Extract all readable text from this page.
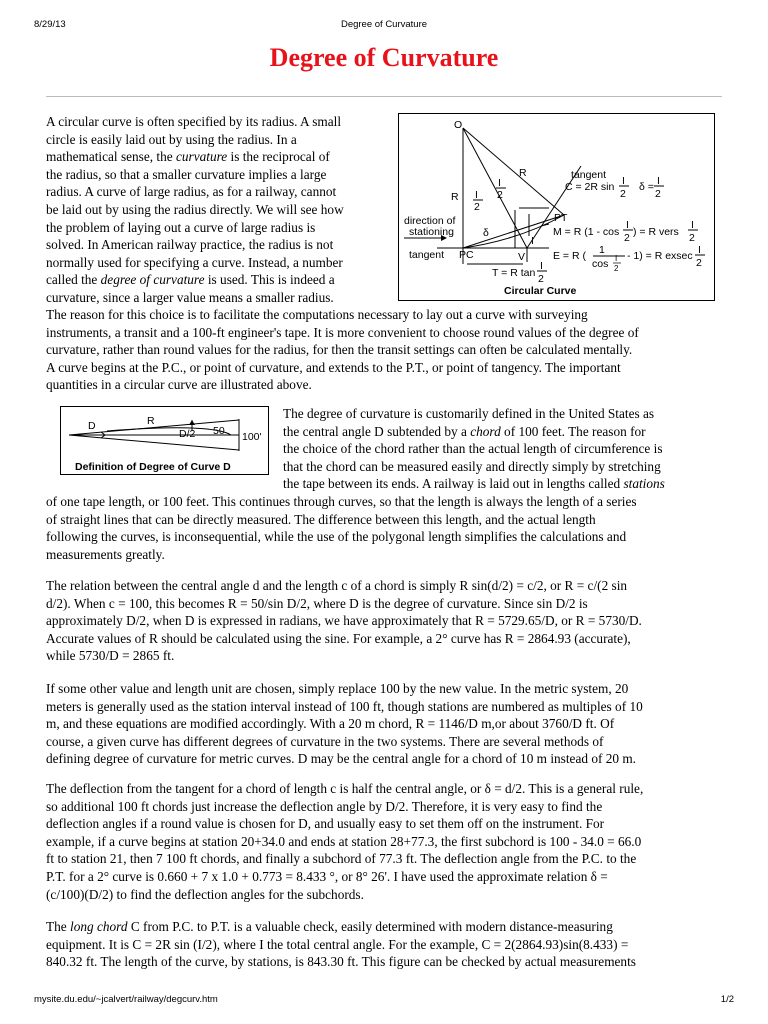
8/29/13	Degree of Curvature
Degree of Curvature
A circular curve is often specified by its radius. A small
circle is easily laid out by using the radius. In a
mathematical sense, the curvature is the reciprocal of
the radius, so that a smaller curvature implies a large
radius. A curve of large radius, as for a railway, cannot
be laid out by using the radius directly. We will see how
the problem of laying out a curve of large radius is
solved. In American railway practice, the radius is not
normally used for specifying a curve. Instead, a number
called the degree of curvature is used. This is indeed a
curvature, since a larger value means a smaller radius.
The reason for this choice is to facilitate the computations necessary to lay out a curve with surveying
instruments, a transit and a 100-ft engineer's tape. It is more convenient to choose round values of the degree of
curvature, rather than round values for the radius, for then the transit settings can often be calculated mentally.
A curve begins at the P.C., or point of curvature, and extends to the P.T., or point of tangency. The important
quantities in a circular curve are illustrated above.
O
R
R
tangent
I
2
I
2
C = 2R sin I
2
δ = I
2
PT
M = R (1 - cos
I
2 ) = R vers
I
2
direction of
stationing	δ
I
tangent PC	V	E = R ( 1
cos I
2
- 1) = R exsec I
2
T = R tan
I
2
Circular Curve
D	R
D/2 50 100'
Definition of Degree of Curve D
The degree of curvature is customarily defined in the United States as
the central angle D subtended by a chord of 100 feet. The reason for
the choice of the chord rather than the actual length of circumference is
that the chord can be measured easily and directly simply by stretching
the tape between its ends. A railway is laid out in lengths called stations
of one tape length, or 100 feet. This continues through curves, so that the length is always the length of a series
of straight lines that can be directly measured. The difference between this length, and the actual length
following the curves, is inconsequential, while the use of the polygonal length simplifies the calculations and
measurements greatly.
The relation between the central angle d and the length c of a chord is simply R sin(d/2) = c/2, or R = c/(2 sin
d/2). When c = 100, this becomes R = 50/sin D/2, where D is the degree of curvature. Since sin D/2 is
approximately D/2, when D is expressed in radians, we have approximately that R = 5729.65/D, or R = 5730/D.
Accurate values of R should be calculated using the sine. For example, a 2° curve has R = 2864.93 (accurate),
while 5730/D = 2865 ft.
If some other value and length unit are chosen, simply replace 100 by the new value. In the metric system, 20
meters is generally used as the station interval instead of 100 ft, though stations are numbered as multiples of 10
m, and these equations are modified accordingly. With a 20 m chord, R = 1146/D m,or about 3760/D ft. Of
course, a given curve has different degrees of curvature in the two systems. There are several methods of
defining degree of curvature for metric curves. D may be the central angle for a chord of 10 m instead of 20 m.
The deflection from the tangent for a chord of length c is half the central angle, or δ = d/2. This is a general rule,
so additional 100 ft chords just increase the deflection angle by D/2. Therefore, it is very easy to find the
deflection angles if a round value is chosen for D, and usually easy to set them off on the instrument. For
example, if a curve begins at station 20+34.0 and ends at station 28+77.3, the first subchord is 100 - 34.0 = 66.0
ft to station 21, then 7 100 ft chords, and finally a subchord of 77.3 ft. The deflection angle from the P.C. to the
P.T. for a 2° curve is 0.660 + 7 x 1.0 + 0.773 = 8.433 °, or 8° 26'. I have used the approximate relation δ =
(c/100)(D/2) to find the deflection angles for the subchords.
The long chord C from P.C. to P.T. is a valuable check, easily determined with modern distance-measuring
equipment. It is C = 2R sin (I/2), where I the total central angle. For the example, C = 2(2864.93)sin(8.433) =
840.32 ft. The length of the curve, by stations, is 843.30 ft. This figure can be checked by actual measurements
mysite.du.edu/~jcalvert/railway/degcurv.htm	1/2
